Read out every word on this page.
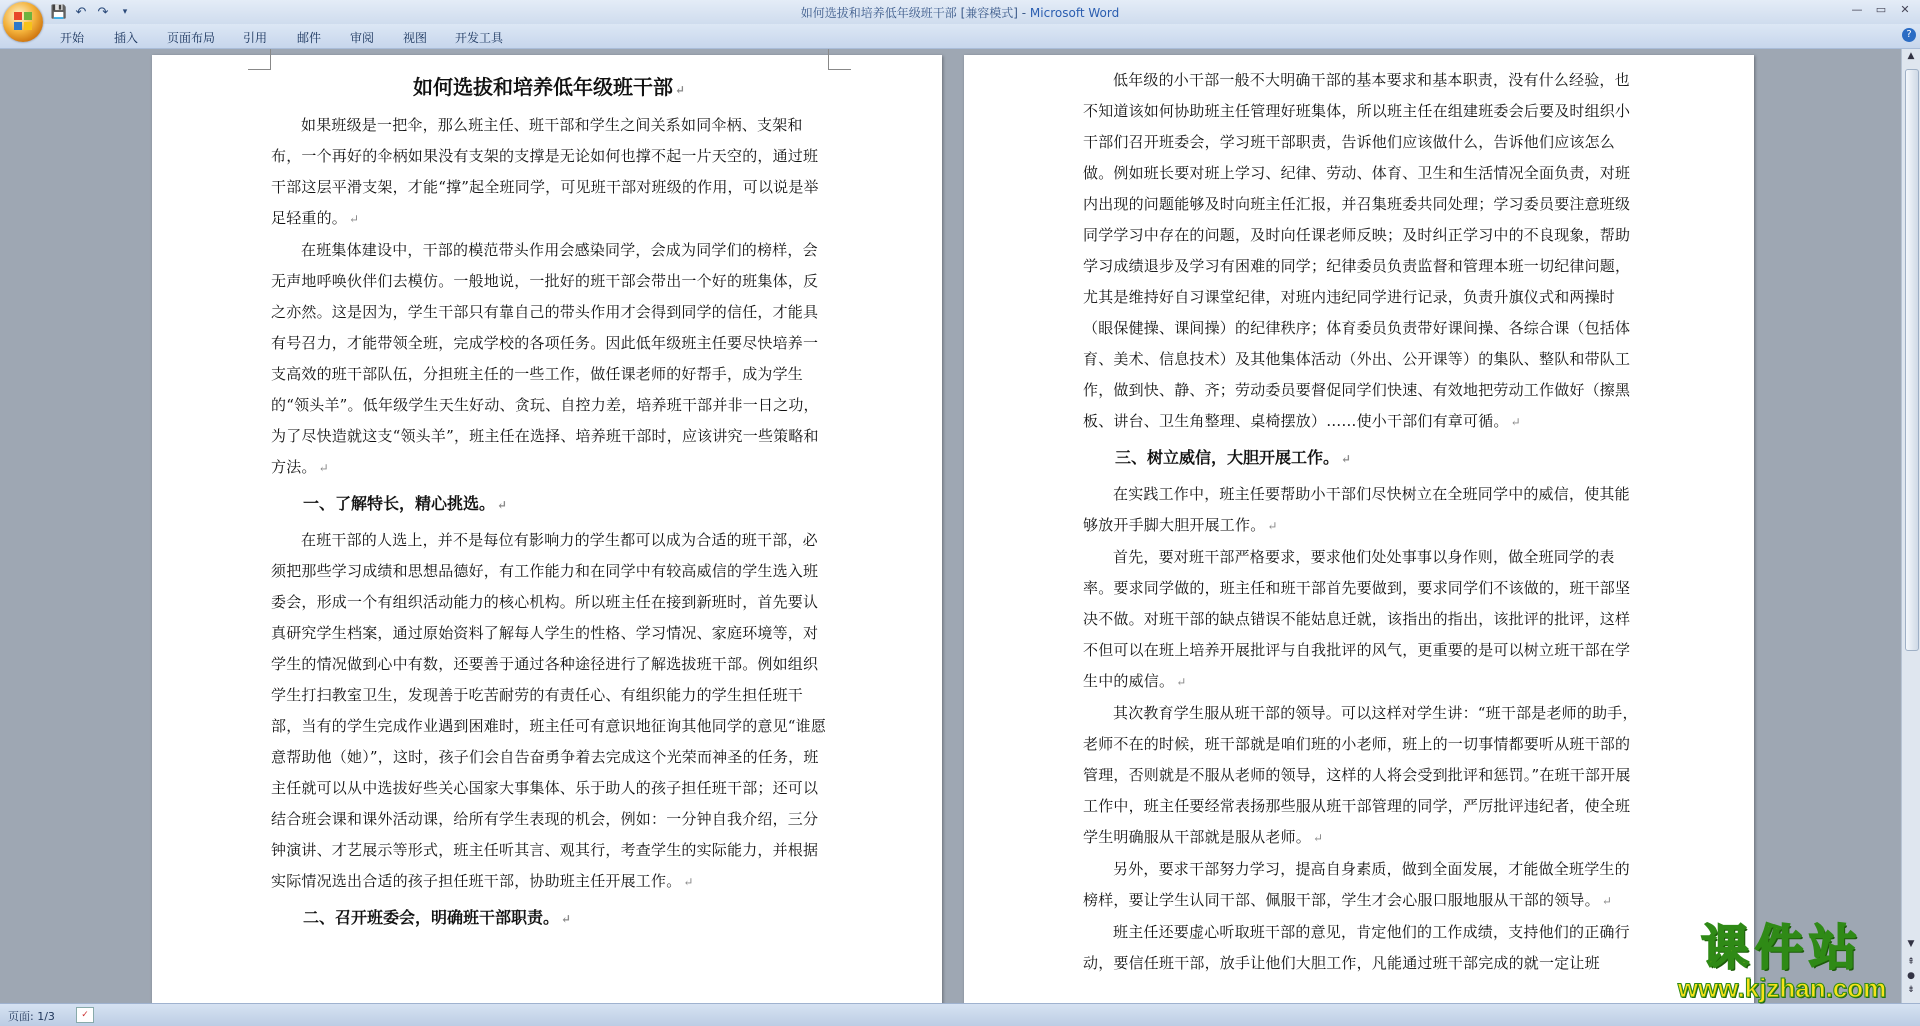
💾 ↶ ↷	▾	如何选拔和培养低年级班干部 [兼容模式] - Microsoft Word	—	▭	✕
开始 插入 页面布局 引用 邮件 审阅 视图 开发工具	?
如何选拔和培养低年级班干部 ↵

如果班级是一把伞，那么班主任、班干部和学生之间关系如同伞柄、支架和布，一个再好的伞柄如果没有支架的支撑是无论如何也撑不起一片天空的，通过班干部这层平滑支架，才能“撑”起全班同学，可见班干部对班级的作用，可以说是举足轻重的。 ↵

在班集体建设中，干部的模范带头作用会感染同学，会成为同学们的榜样，会无声地呼唤伙伴们去模仿。一般地说，一批好的班干部会带出一个好的班集体，反之亦然。这是因为，学生干部只有靠自己的带头作用才会得到同学的信任，才能具有号召力，才能带领全班，完成学校的各项任务。因此低年级班主任要尽快培养一支高效的班干部队伍，分担班主任的一些工作，做任课老师的好帮手，成为学生的“领头羊”。低年级学生天生好动、贪玩、自控力差，培养班干部并非一日之功，为了尽快造就这支“领头羊”，班主任在选择、培养班干部时，应该讲究一些策略和方法。 ↵

一、了解特长，精心挑选。 ↵

在班干部的人选上，并不是每位有影响力的学生都可以成为合适的班干部，必须把那些学习成绩和思想品德好，有工作能力和在同学中有较高威信的学生选入班委会，形成一个有组织活动能力的核心机构。所以班主任在接到新班时，首先要认真研究学生档案，通过原始资料了解每人学生的性格、学习情况、家庭环境等，对学生的情况做到心中有数，还要善于通过各种途径进行了解选拔班干部。例如组织学生打扫教室卫生，发现善于吃苦耐劳的有责任心、有组织能力的学生担任班干部，当有的学生完成作业遇到困难时，班主任可有意识地征询其他同学的意见“谁愿意帮助他（她）”，这时，孩子们会自告奋勇争着去完成这个光荣而神圣的任务，班主任就可以从中选拔好些关心国家大事集体、乐于助人的孩子担任班干部；还可以结合班会课和课外活动课，给所有学生表现的机会，例如：一分钟自我介绍，三分钟演讲、才艺展示等形式，班主任听其言、观其行，考查学生的实际能力，并根据实际情况选出合适的孩子担任班干部，协助班主任开展工作。 ↵

二、召开班委会，明确班干部职责。 ↵

低年级的小干部一般不大明确干部的基本要求和基本职责，没有什么经验，也不知道该如何协助班主任管理好班集体，所以班主任在组建班委会后要及时组织小干部们召开班委会，学习班干部职责，告诉他们应该做什么，告诉他们应该怎么做。例如班长要对班上学习、纪律、劳动、体育、卫生和生活情况全面负责，对班内出现的问题能够及时向班主任汇报，并召集班委共同处理；学习委员要注意班级同学学习中存在的问题，及时向任课老师反映；及时纠正学习中的不良现象，帮助学习成绩退步及学习有困难的同学；纪律委员负责监督和管理本班一切纪律问题，尤其是维持好自习课堂纪律，对班内违纪同学进行记录，负责升旗仪式和两操时（眼保健操、课间操）的纪律秩序；体育委员负责带好课间操、各综合课（包括体育、美术、信息技术）及其他集体活动（外出、公开课等）的集队、整队和带队工作，做到快、静、齐；劳动委员要督促同学们快速、有效地把劳动工作做好（擦黑板、讲台、卫生角整理、桌椅摆放）……使小干部们有章可循。 ↵

三、树立威信，大胆开展工作。 ↵

在实践工作中，班主任要帮助小干部们尽快树立在全班同学中的威信，使其能够放开手脚大胆开展工作。 ↵

首先，要对班干部严格要求，要求他们处处事事以身作则，做全班同学的表率。要求同学做的，班主任和班干部首先要做到，要求同学们不该做的，班干部坚决不做。对班干部的缺点错误不能姑息迁就，该指出的指出，该批评的批评，这样不但可以在班上培养开展批评与自我批评的风气，更重要的是可以树立班干部在学生中的威信。 ↵

其次教育学生服从班干部的领导。可以这样对学生讲：“班干部是老师的助手，老师不在的时候，班干部就是咱们班的小老师，班上的一切事情都要听从班干部的管理，否则就是不服从老师的领导，这样的人将会受到批评和惩罚。”在班干部开展工作中，班主任要经常表扬那些服从班干部管理的同学，严厉批评违纪者，使全班学生明确服从干部就是服从老师。 ↵

另外，要求干部努力学习，提高自身素质，做到全面发展，才能做全班学生的榜样，要让学生认同干部、佩服干部，学生才会心服口服地服从干部的领导。 ↵

班主任还要虚心听取班干部的意见，肯定他们的工作成绩，支持他们的正确行动，要信任班干部，放手让他们大胆工作，凡能通过班干部完成的就一定让班

▲
▼
⇞
●
⇟
页面: 1/3	✓
课件站
www.kjzhan.com
